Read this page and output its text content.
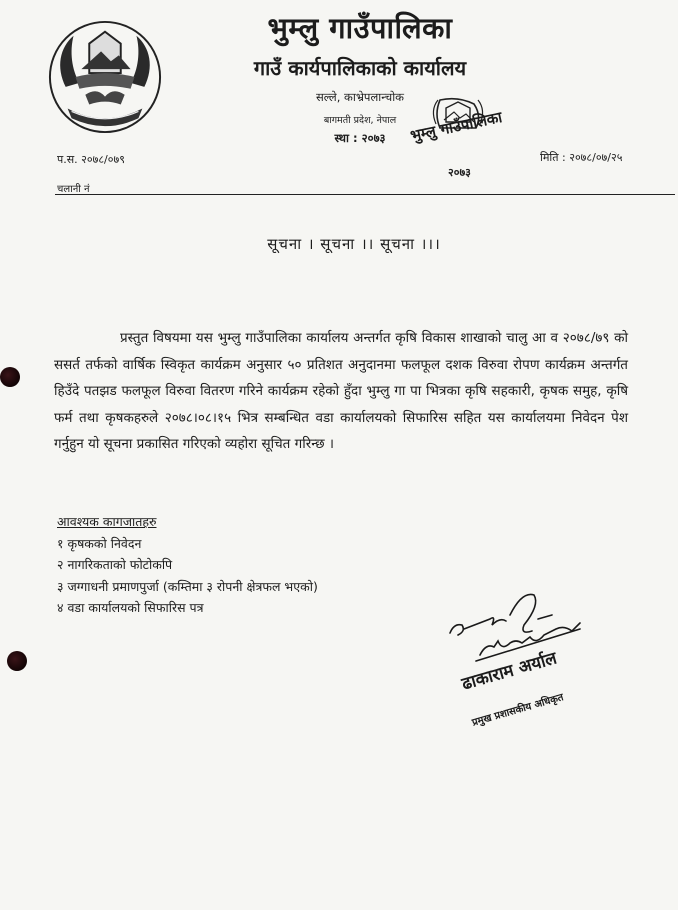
भुम्लु गाउँपालिका
गाउँ कार्यपालिकाको कार्यालय
सल्ले, काभ्रेपलान्चोक
बागमती प्रदेश, नेपाल
स्था : २०७३	भुम्लु गाउँपालिका
२०७३
प.स. २०७८/०७९
चलानी नं
मिति : २०७८/०७/२५
सूचना । सूचना ।। सूचना ।।।

प्रस्तुत विषयमा यस भुम्लु गाउँपालिका कार्यालय अन्तर्गत कृषि विकास शाखाको चालु आ व २०७८/७९ को ससर्त तर्फको वार्षिक स्विकृत कार्यक्रम अनुसार ५० प्रतिशत अनुदानमा फलफूल दशक विरुवा रोपण कार्यक्रम अन्तर्गत हिउँदे पतझड फलफूल विरुवा वितरण गरिने कार्यक्रम रहेको हुँदा भुम्लु गा पा भित्रका कृषि सहकारी, कृषक समुह, कृषि फर्म तथा कृषकहरुले २०७८।०८।१५ भित्र सम्बन्धित वडा कार्यालयको सिफारिस सहित यस कार्यालयमा निवेदन पेश गर्नुहुन यो सूचना प्रकासित गरिएको व्यहोरा सूचित गरिन्छ ।

आवश्यक कागजातहरु
१ कृषकको निवेदन
२ नागरिकताको फोटोकपि
३ जग्गाधनी प्रमाणपुर्जा (कम्तिमा ३ रोपनी क्षेत्रफल भएको)
४ वडा कार्यालयको सिफारिस पत्र
ढाकाराम अर्याल
प्रमुख प्रशासकीय अधिकृत
